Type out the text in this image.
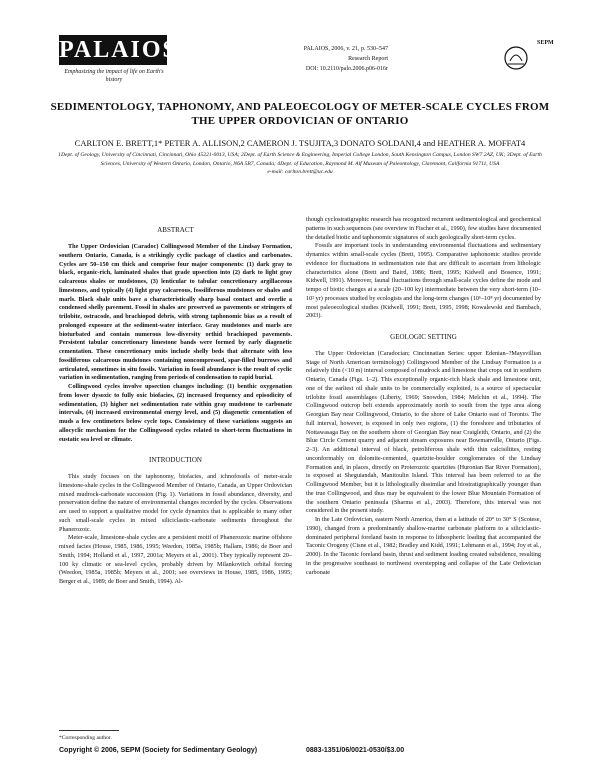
PALAIOS
Emphasizing the impact of life on Earth's history
PALAIOS, 2006, v. 21, p. 530–547
Research Report
DOI: 10.2110/palo.2006.p06-016r
SEPM
SEDIMENTOLOGY, TAPHONOMY, AND PALEOECOLOGY OF METER-SCALE CYCLES FROM THE UPPER ORDOVICIAN OF ONTARIO
CARLTON E. BRETT,1* PETER A. ALLISON,2 CAMERON J. TSUJITA,3 DONATO SOLDANI,4 and HEATHER A. MOFFAT4
1Dept. of Geology, University of Cincinnati, Cincinnati, Ohio 45221-0013, USA; 2Dept. of Earth Science & Engineering, Imperial College London, South Kensington Campus, London SW7 2AZ, UK; 3Dept. of Earth Sciences, University of Western Ontario, London, Ontario, N6A 5B7, Canada; 4Dept. of Education, Raymond M. Alf Museum of Paleontology, Claremont, California 91711, USA
e-mail: carlton.brett@uc.edu
ABSTRACT

The Upper Ordovician (Caradoc) Collingwood Member of the Lindsay Formation, southern Ontario, Canada, is a strikingly cyclic package of clastics and carbonates. Cycles are 50–150 cm thick and comprise four major components: (1) dark gray to black, organic-rich, laminated shales that grade upsection into (2) dark to light gray calcareous shales or mudstones, (3) lenticular to tabular concretionary argillaceous limestones, and typically (4) light gray calcareous, fossiliferous mudstones or shales and marls. Black shale units have a characteristically sharp basal contact and overlie a condensed shelly pavement. Fossil in shales are preserved as pavements or stringers of trilobite, ostracode, and brachiopod debris, with strong taphonomic bias as a result of prolonged exposure at the sediment-water interface. Gray mudstones and marls are bioturbated and contain numerous low-diversity orthid brachiopod pavements. Persistent tabular concretionary limestone bands were formed by early diagenetic cementation. These concretionary units include shelly beds that alternate with less fossiliferous calcareous mudstones containing noncompressed, spar-filled burrows and articulated, sometimes in situ fossils. Variation in fossil abundance is the result of cyclic variation in sedimentation, ranging from periods of condensation to rapid burial.

Collingwood cycles involve upsection changes including: (1) benthic oxygenation from lower dysoxic to fully oxic biofacies, (2) increased frequency and episodicity of sedimentation, (3) higher net sedimentation rate within gray mudstone to carbonate intervals, (4) increased environmental energy level, and (5) diagenetic cementation of muds a few centimeters below cycle tops. Consistency of these variations suggests an allocyclic mechanism for the Collingwood cycles related to short-term fluctuations in eustatic sea level or climate.

INTRODUCTION

This study focuses on the taphonomy, biofacies, and ichnofossils of meter-scale limestone-shale cycles in the Collingwood Member of Ontario, Canada, an Upper Ordovician mixed mudrock-carbonate succession (Fig. 1). Variations in fossil abundance, diversity, and preservation define the nature of environmental changes recorded by the cycles. Observations are used to support a qualitative model for cycle dynamics that is applicable to many other such small-scale cycles in mixed siliciclastic-carbonate sediments throughout the Phanerozoic.

Meter-scale, limestone-shale cycles are a persistent motif of Phanerozoic marine offshore mixed facies (House, 1985, 1986, 1995; Weedon, 1985a, 1985b; Hallam, 1986; de Boer and Smith, 1994; Holland et al., 1997, 2001a; Meyers et al., 2001). They typically represent 20–100 ky climatic or sea-level cycles, probably driven by Milankovitch orbital forcing (Weedon, 1985a, 1985b; Meyers et al., 2001; see overviews in House, 1985, 1986, 1995; Berger et al., 1989; de Boer and Smith, 1994). Al-

though cyclostratigraphic research has recognized recurrent sedimentological and geochemical patterns in such sequences (see overview in Fischer et al., 1990), few studies have documented the detailed biotic and taphonomic signatures of such geologically short-term cycles.

Fossils are important tools in understanding environmental fluctuations and sedimentary dynamics within small-scale cycles (Brett, 1995). Comparative taphonomic studies provide evidence for fluctuations in sedimentation rate that are difficult to ascertain from lithologic characteristics alone (Brett and Baird, 1986; Brett, 1995; Kidwell and Bosence, 1991; Kidwell, 1991). Moreover, faunal fluctuations through small-scale cycles define the mode and tempo of biotic changes at a scale (20–100 ky) intermediate between the very short-term (10–10² yr) processes studied by ecologists and the long-term changes (10⁶–10⁸ yr) documented by most paleoecological studies (Kidwell, 1991; Brett, 1995, 1998; Kowalewski and Bambach, 2003).

GEOLOGIC SETTING

The Upper Ordovician (Caradocian; Cincinnatian Series: upper Edenian–?Maysvillian Stage of North American terminology) Collingwood Member of the Lindsay Formation is a relatively thin (<10 m) interval composed of mudrock and limestone that crops out in southern Ontario, Canada (Figs. 1–2). This exceptionally organic-rich black shale and limestone unit, one of the earliest oil shale units to be commercially exploited, is a source of spectacular trilobite fossil assemblages (Liberty, 1969; Snowdon, 1984; Melchin et al., 1994). The Collingwood outcrop belt extends approximately north to south from the type area along Georgian Bay near Collingwood, Ontario, to the shore of Lake Ontario east of Toronto. The full interval, however, is exposed in only two regions, (1) the foreshore and tributaries of Nottawasaga Bay on the southern shore of Georgian Bay near Craigleith, Ontario, and (2) the Blue Circle Cement quarry and adjacent stream exposures near Bowmanville, Ontario (Figs. 2–3). An additional interval of black, petroliferous shale with thin calcisiltites, resting unconformably on dolomite-cemented, quartzite-boulder conglomerates of the Lindsay Formation and, in places, directly on Proterozoic quartzites (Huronian Bar River Formation), is exposed at Sheguiandah, Manitoulin Island. This interval has been referred to as the Collingwood Member, but it is lithologically dissimilar and biostratigraphically younger than the true Collingwood, and thus may be equivalent to the lower Blue Mountain Formation of the southern Ontario peninsula (Sharma et al., 2003). Therefore, this interval was not considered in the present study.

In the Late Ordovician, eastern North America, then at a latitude of 20° to 30° S (Scotese, 1990), changed from a predominantly shallow-marine carbonate platform to a siliciclastic-dominated peripheral foreland basin in response to lithospheric loading that accompanied the Taconic Orogeny (Cisne et al., 1982; Bradley and Kidd, 1991; Lehmann et al., 1994; Joy et al., 2000). In the Taconic foreland basin, thrust and sediment loading created subsidence, resulting in the progressive southeast to northwest overstepping and collapse of the Late Ordovician carbonate

*Corresponding author.
Copyright © 2006, SEPM (Society for Sedimentary Geology)	0883-1351/06/0021-0530/$3.00
